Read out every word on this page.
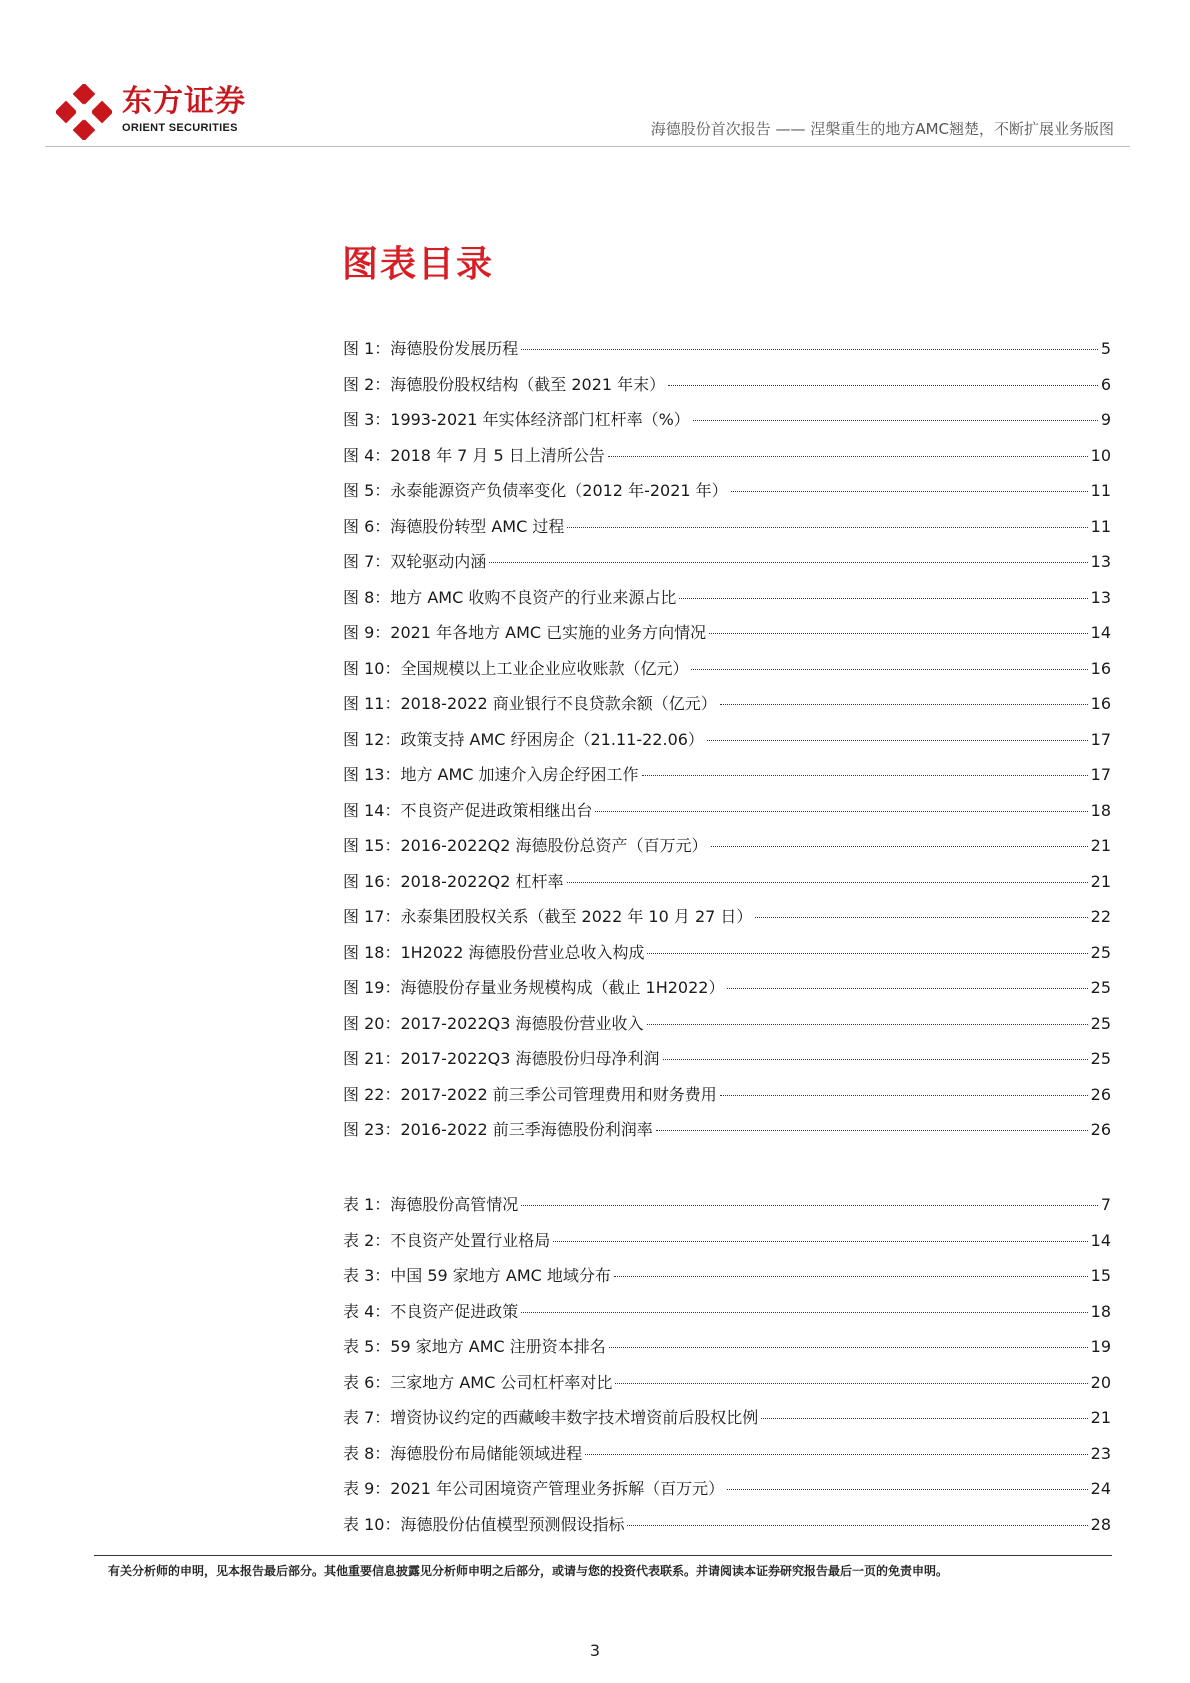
东方证券
ORIENT SECURITIES	海德股份首次报告 —— 涅槃重生的地方AMC翘楚，不断扩展业务版图
图表目录
图 1：海德股份发展历程	5
图 2：海德股份股权结构（截至 2021 年末）	6
图 3：1993-2021 年实体经济部门杠杆率（%）	9
图 4：2018 年 7 月 5 日上清所公告	10
图 5：永泰能源资产负债率变化（2012 年-2021 年）	11
图 6：海德股份转型 AMC 过程	11
图 7：双轮驱动内涵	13
图 8：地方 AMC 收购不良资产的行业来源占比	13
图 9：2021 年各地方 AMC 已实施的业务方向情况	14
图 10：全国规模以上工业企业应收账款（亿元）	16
图 11：2018-2022 商业银行不良贷款余额（亿元）	16
图 12：政策支持 AMC 纾困房企（21.11-22.06）	17
图 13：地方 AMC 加速介入房企纾困工作	17
图 14：不良资产促进政策相继出台	18
图 15：2016-2022Q2 海德股份总资产（百万元）	21
图 16：2018-2022Q2 杠杆率	21
图 17：永泰集团股权关系（截至 2022 年 10 月 27 日）	22
图 18：1H2022 海德股份营业总收入构成	25
图 19：海德股份存量业务规模构成（截止 1H2022）	25
图 20：2017-2022Q3 海德股份营业收入	25
图 21：2017-2022Q3 海德股份归母净利润	25
图 22：2017-2022 前三季公司管理费用和财务费用	26
图 23：2016-2022 前三季海德股份利润率	26
表 1：海德股份高管情况	7
表 2：不良资产处置行业格局	14
表 3：中国 59 家地方 AMC 地域分布	15
表 4：不良资产促进政策	18
表 5：59 家地方 AMC 注册资本排名	19
表 6：三家地方 AMC 公司杠杆率对比	20
表 7：增资协议约定的西藏峻丰数字技术增资前后股权比例	21
表 8：海德股份布局储能领域进程	23
表 9：2021 年公司困境资产管理业务拆解（百万元）	24
表 10：海德股份估值模型预测假设指标	28
有关分析师的申明，见本报告最后部分。其他重要信息披露见分析师申明之后部分，或请与您的投资代表联系。并请阅读本证券研究报告最后一页的免责申明。
3
